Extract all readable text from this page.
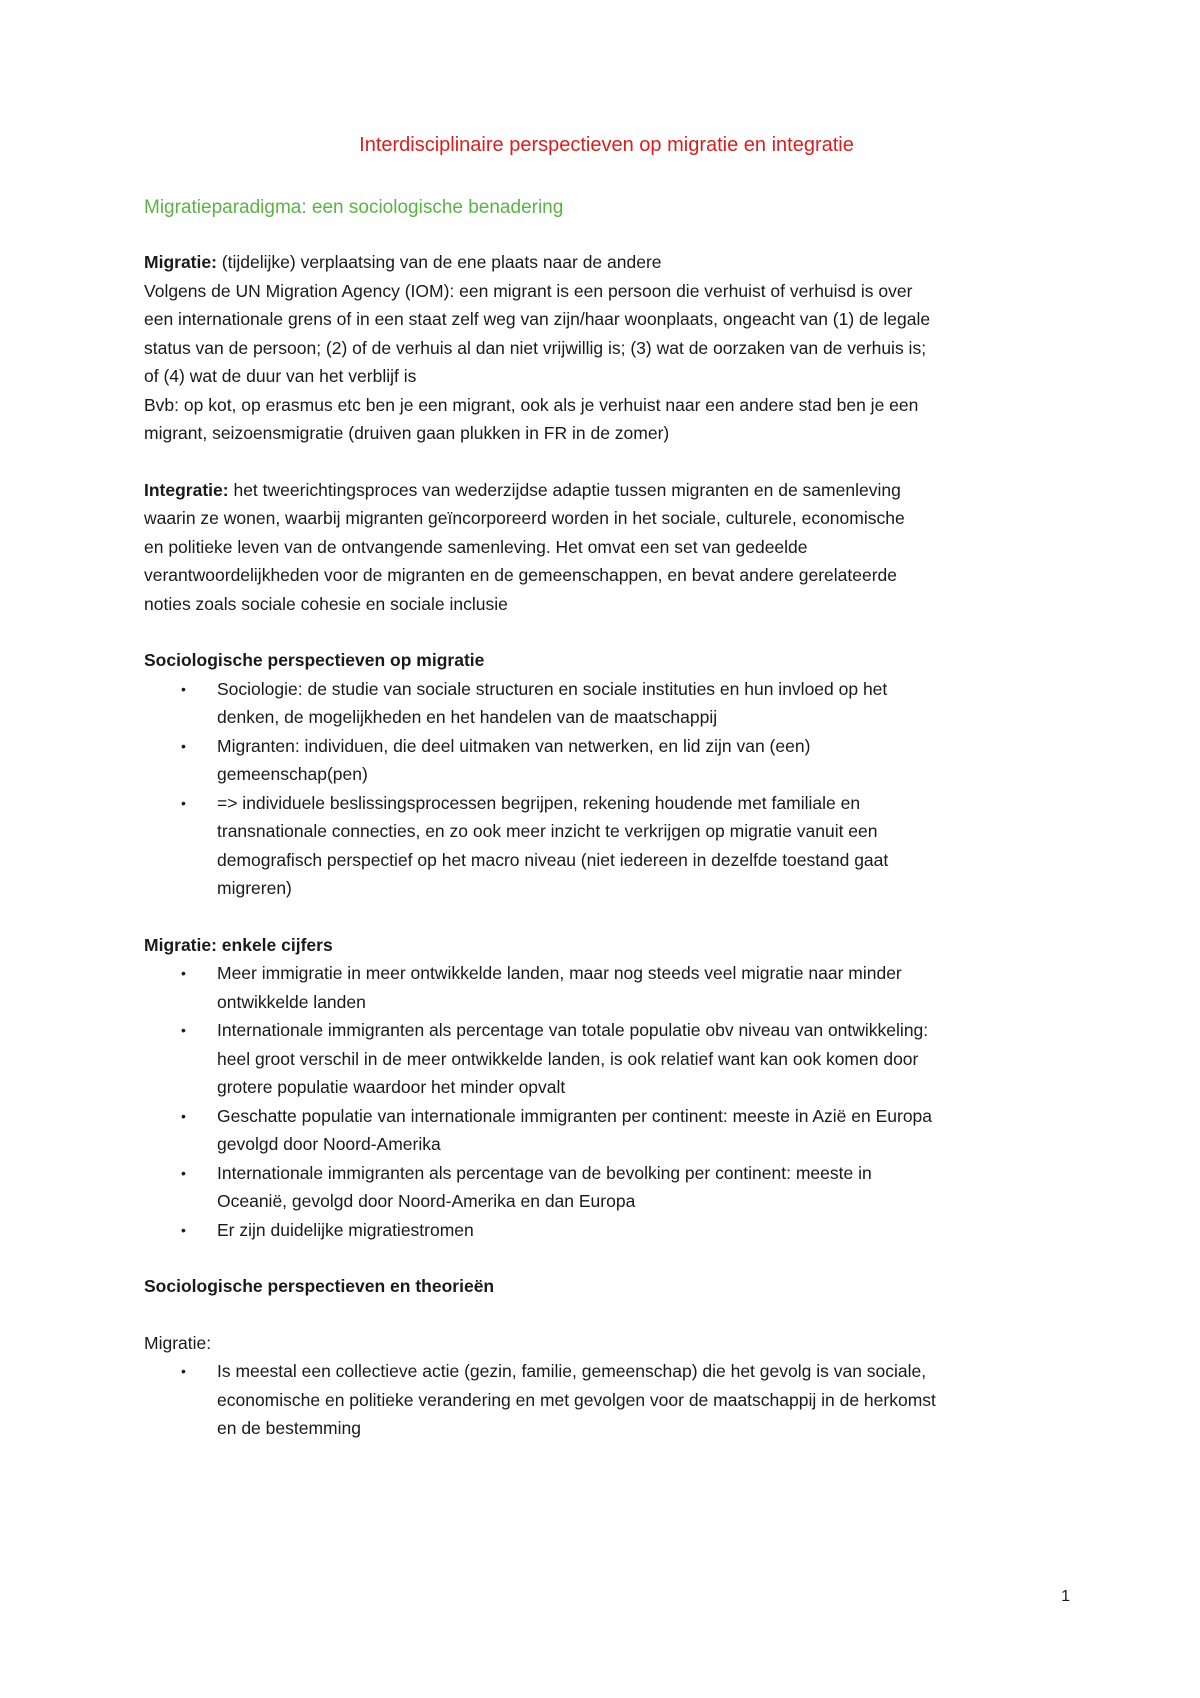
Interdisciplinaire perspectieven op migratie en integratie
Migratieparadigma: een sociologische benadering

Migratie: (tijdelijke) verplaatsing van de ene plaats naar de andere

Volgens de UN Migration Agency (IOM): een migrant is een persoon die verhuist of verhuisd is over

een internationale grens of in een staat zelf weg van zijn/haar woonplaats, ongeacht van (1) de legale

status van de persoon; (2) of de verhuis al dan niet vrijwillig is; (3) wat de oorzaken van de verhuis is;

of (4) wat de duur van het verblijf is

Bvb: op kot, op erasmus etc ben je een migrant, ook als je verhuist naar een andere stad ben je een

migrant, seizoensmigratie (druiven gaan plukken in FR in de zomer)

Integratie: het tweerichtingsproces van wederzijdse adaptie tussen migranten en de samenleving

waarin ze wonen, waarbij migranten geïncorporeerd worden in het sociale, culturele, economische

en politieke leven van de ontvangende samenleving. Het omvat een set van gedeelde

verantwoordelijkheden voor de migranten en de gemeenschappen, en bevat andere gerelateerde

noties zoals sociale cohesie en sociale inclusie

Sociologische perspectieven op migratie
• Sociologie: de studie van sociale structuren en sociale instituties en hun invloed op het
denken, de mogelijkheden en het handelen van de maatschappij
• Migranten: individuen, die deel uitmaken van netwerken, en lid zijn van (een)
gemeenschap(pen)
• => individuele beslissingsprocessen begrijpen, rekening houdende met familiale en
transnationale connecties, en zo ook meer inzicht te verkrijgen op migratie vanuit een
demografisch perspectief op het macro niveau (niet iedereen in dezelfde toestand gaat
migreren)
Migratie: enkele cijfers
• Meer immigratie in meer ontwikkelde landen, maar nog steeds veel migratie naar minder
ontwikkelde landen
• Internationale immigranten als percentage van totale populatie obv niveau van ontwikkeling:
heel groot verschil in de meer ontwikkelde landen, is ook relatief want kan ook komen door
grotere populatie waardoor het minder opvalt
• Geschatte populatie van internationale immigranten per continent: meeste in Azië en Europa
gevolgd door Noord-Amerika
• Internationale immigranten als percentage van de bevolking per continent: meeste in
Oceanië, gevolgd door Noord-Amerika en dan Europa
• Er zijn duidelijke migratiestromen
Sociologische perspectieven en theorieën
Migratie:
• Is meestal een collectieve actie (gezin, familie, gemeenschap) die het gevolg is van sociale,
economische en politieke verandering en met gevolgen voor de maatschappij in de herkomst
en de bestemming
1
